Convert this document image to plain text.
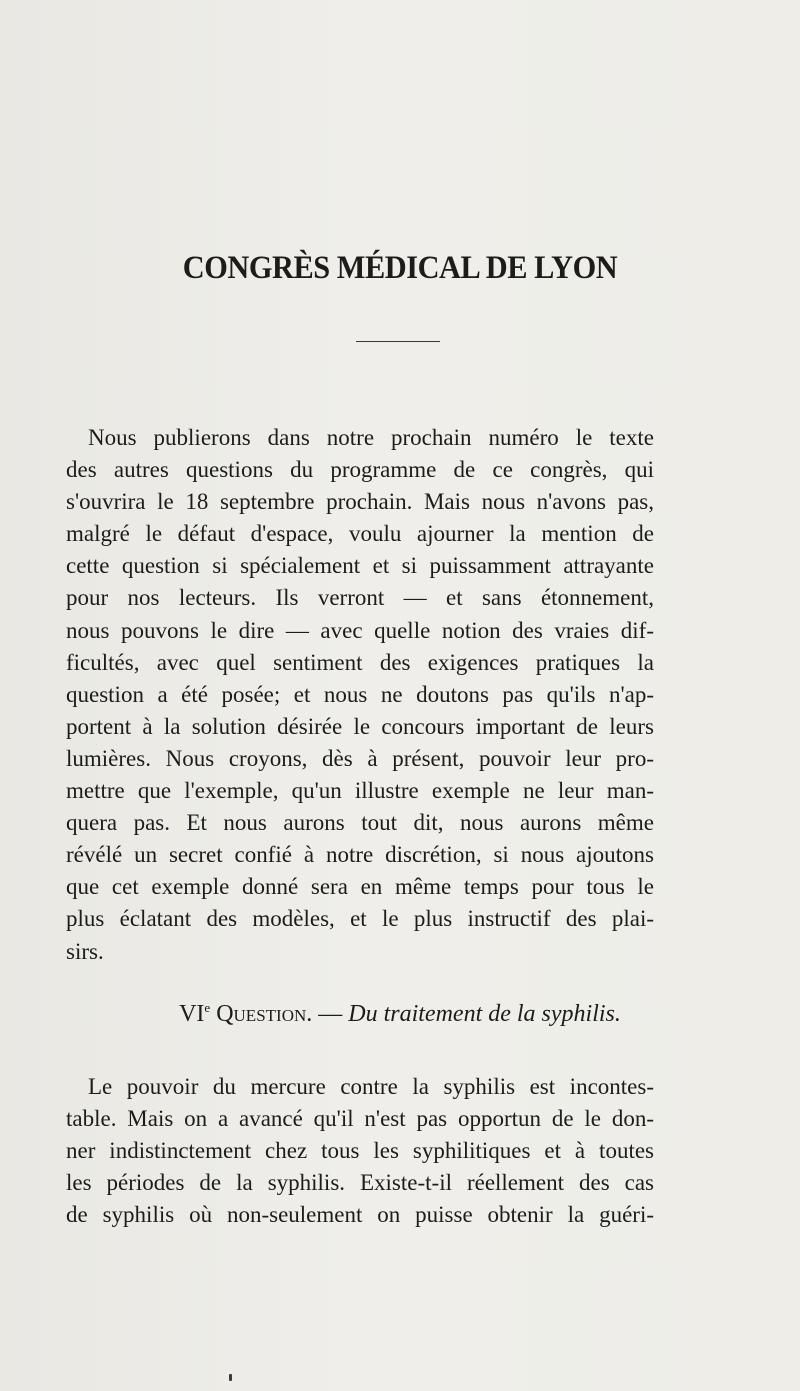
CONGRÈS MÉDICAL DE LYON
Nous publierons dans notre prochain numéro le texte
des autres questions du programme de ce congrès, qui
s'ouvrira le 18 septembre prochain. Mais nous n'avons pas,
malgré le défaut d'espace, voulu ajourner la mention de
cette question si spécialement et si puissamment attrayante
pour nos lecteurs. Ils verront — et sans étonnement,
nous pouvons le dire — avec quelle notion des vraies dif-
ficultés, avec quel sentiment des exigences pratiques la
question a été posée; et nous ne doutons pas qu'ils n'ap-
portent à la solution désirée le concours important de leurs
lumières. Nous croyons, dès à présent, pouvoir leur pro-
mettre que l'exemple, qu'un illustre exemple ne leur man-
quera pas. Et nous aurons tout dit, nous aurons même
révélé un secret confié à notre discrétion, si nous ajoutons
que cet exemple donné sera en même temps pour tous le
plus éclatant des modèles, et le plus instructif des plai-
sirs.
VIe Question. — Du traitement de la syphilis.
Le pouvoir du mercure contre la syphilis est incontes-
table. Mais on a avancé qu'il n'est pas opportun de le don-
ner indistinctement chez tous les syphilitiques et à toutes
les périodes de la syphilis. Existe-t-il réellement des cas
de syphilis où non-seulement on puisse obtenir la guéri-
